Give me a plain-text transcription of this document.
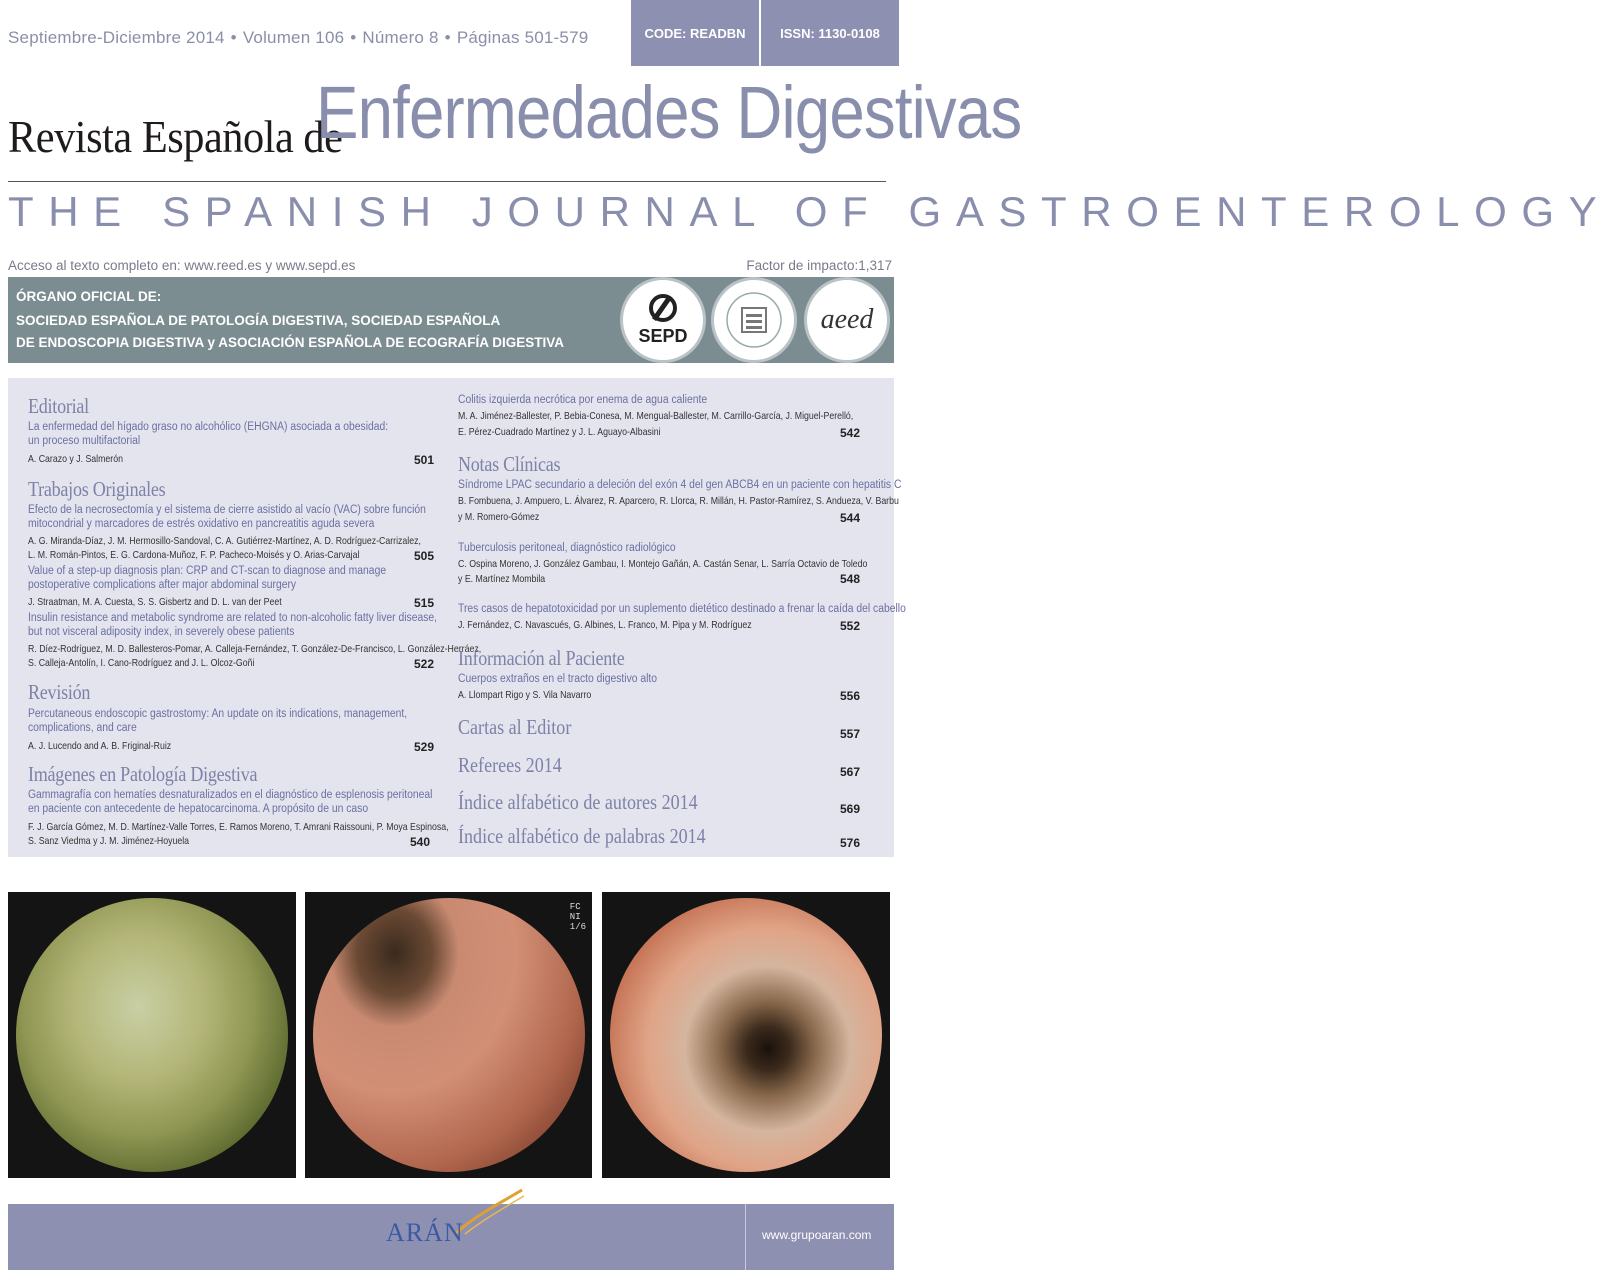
Septiembre-Diciembre 2014 • Volumen 106 • Número 8 • Páginas 501-579	CODE: READBN	ISSN: 1130-0108
Revista Española de
Enfermedades Digestivas
THE SPANISH JOURNAL OF GASTROENTEROLOGY
Acceso al texto completo en: www.reed.es y www.sepd.es	Factor de impacto:1,317
ÓRGANO OFICIAL DE:
SOCIEDAD ESPAÑOLA DE PATOLOGÍA DIGESTIVA, SOCIEDAD ESPAÑOLA
DE ENDOSCOPIA DIGESTIVA y ASOCIACIÓN ESPAÑOLA DE ECOGRAFÍA DIGESTIVA	SEPD
aeed
Editorial
La enfermedad del hígado graso no alcohólico (EHGNA) asociada a obesidad:
un proceso multifactorial
A. Carazo y J. Salmerón	501
Trabajos Originales
Efecto de la necrosectomía y el sistema de cierre asistido al vacío (VAC) sobre función
mitocondrial y marcadores de estrés oxidativo en pancreatitis aguda severa
A. G. Miranda-Díaz, J. M. Hermosillo-Sandoval, C. A. Gutiérrez-Martínez, A. D. Rodríguez-Carrizalez,
L. M. Román-Pintos, E. G. Cardona-Muñoz, F. P. Pacheco-Moisés y O. Arias-Carvajal	505
Value of a step-up diagnosis plan: CRP and CT-scan to diagnose and manage
postoperative complications after major abdominal surgery
J. Straatman, M. A. Cuesta, S. S. Gisbertz and D. L. van der Peet	515
Insulin resistance and metabolic syndrome are related to non-alcoholic fatty liver disease,
but not visceral adiposity index, in severely obese patients
R. Díez-Rodríguez, M. D. Ballesteros-Pomar, A. Calleja-Fernández, T. González-De-Francisco, L. González-Herráez,
S. Calleja-Antolín, I. Cano-Rodríguez and J. L. Olcoz-Goñi	522
Revisión
Percutaneous endoscopic gastrostomy: An update on its indications, management,
complications, and care
A. J. Lucendo and A. B. Friginal-Ruiz	529
Imágenes en Patología Digestiva
Gammagrafía con hematíes desnaturalizados en el diagnóstico de esplenosis peritoneal
en paciente con antecedente de hepatocarcinoma. A propósito de un caso
F. J. García Gómez, M. D. Martínez-Valle Torres, E. Ramos Moreno, T. Amrani Raissouni, P. Moya Espinosa,
S. Sanz Viedma y J. M. Jiménez-Hoyuela	540
Colitis izquierda necrótica por enema de agua caliente
M. A. Jiménez-Ballester, P. Bebia-Conesa, M. Mengual-Ballester, M. Carrillo-García, J. Miguel-Perelló,
E. Pérez-Cuadrado Martínez y J. L. Aguayo-Albasini	542
Notas Clínicas
Síndrome LPAC secundario a deleción del exón 4 del gen ABCB4 en un paciente con hepatitis C
B. Fombuena, J. Ampuero, L. Álvarez, R. Aparcero, R. Llorca, R. Millán, H. Pastor-Ramírez, S. Andueza, V. Barbu
y M. Romero-Gómez	544
Tuberculosis peritoneal, diagnóstico radiológico
C. Ospina Moreno, J. González Gambau, I. Montejo Gañán, A. Castán Senar, L. Sarría Octavio de Toledo
y E. Martínez Mombila	548
Tres casos de hepatotoxicidad por un suplemento dietético destinado a frenar la caída del cabello
J. Fernández, C. Navascués, G. Albines, L. Franco, M. Pipa y M. Rodríguez	552
Información al Paciente
Cuerpos extraños en el tracto digestivo alto
A. Llompart Rigo y S. Vila Navarro	556
Cartas al Editor	557
Referees 2014	567
Índice alfabético de autores 2014	569
Índice alfabético de palabras 2014	576
FC
NI
1/6
ARÁN	www.grupoaran.com
